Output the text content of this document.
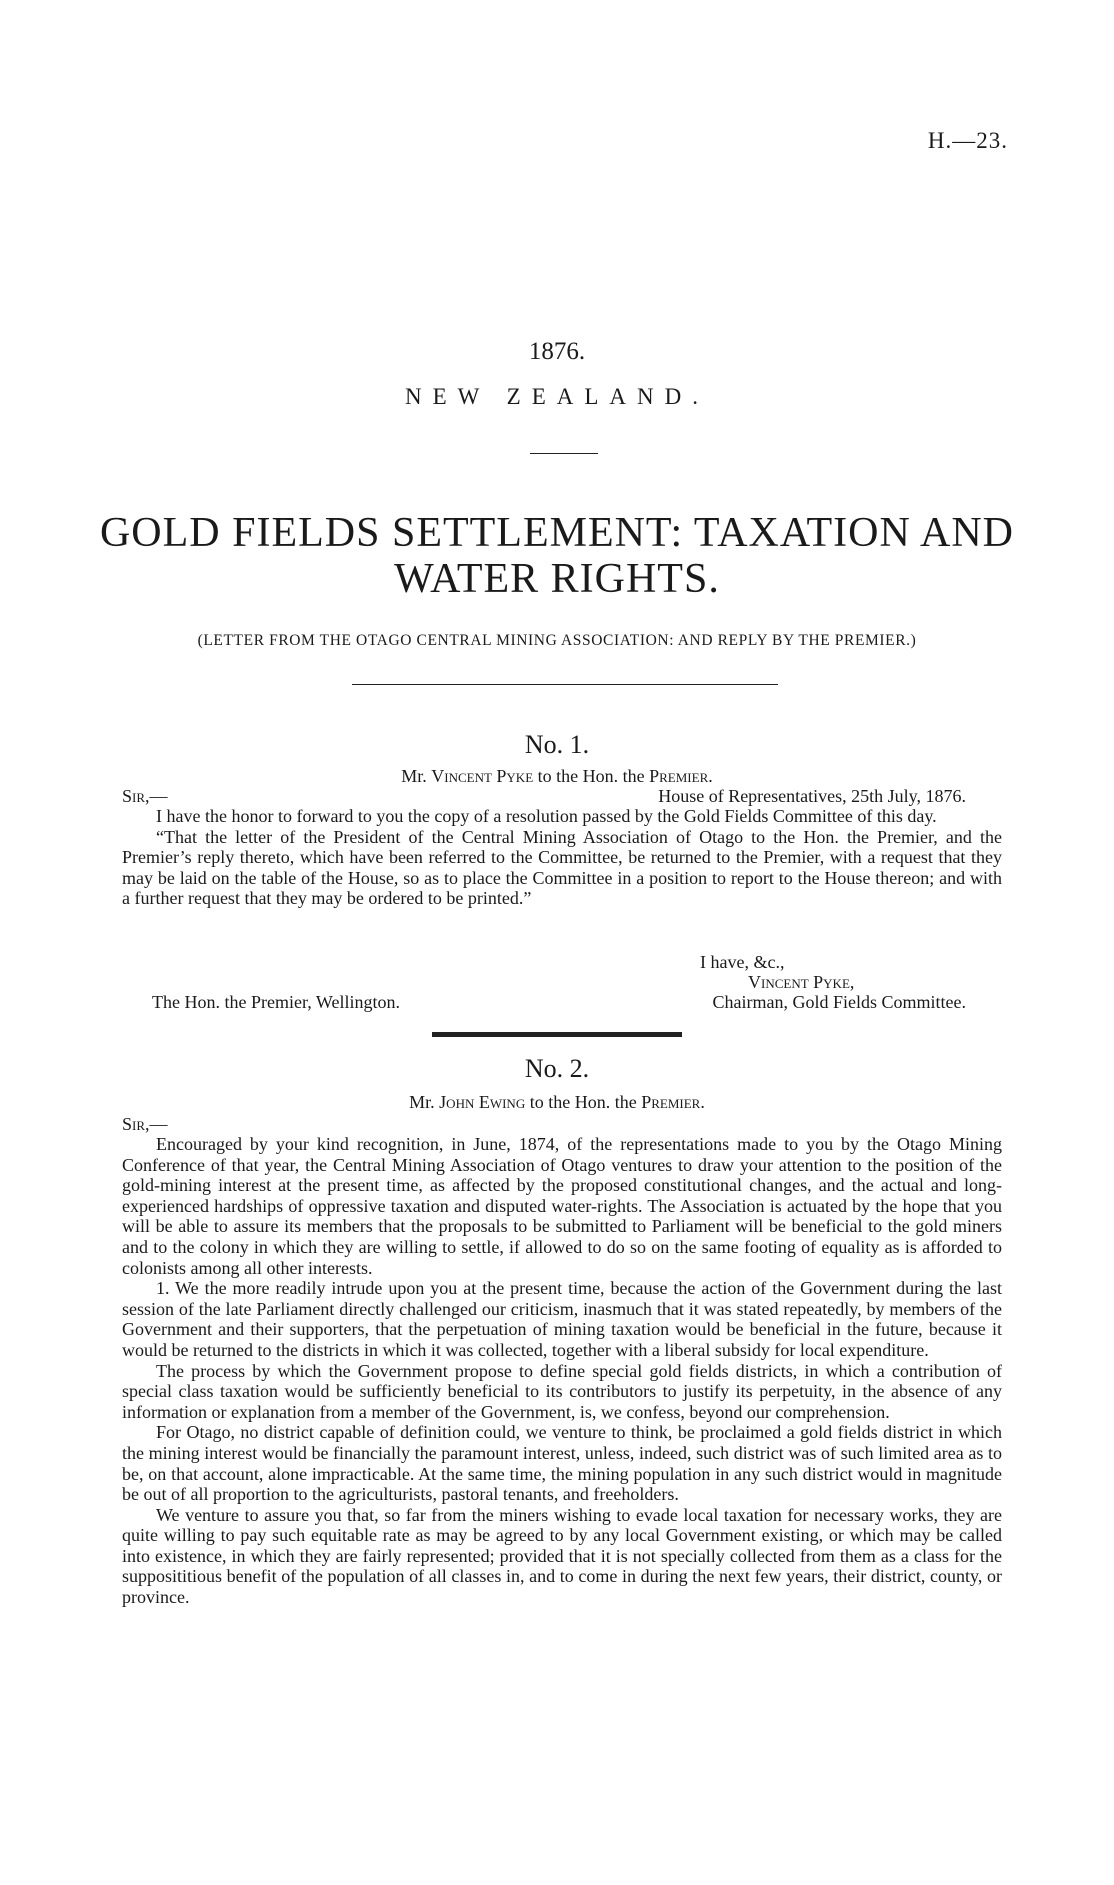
H.—23.
1876.
NEW ZEALAND.
GOLD FIELDS SETTLEMENT: TAXATION AND
WATER RIGHTS.
(LETTER FROM THE OTAGO CENTRAL MINING ASSOCIATION: AND REPLY BY THE PREMIER.)
No. 1.
Mr. Vincent Pyke to the Hon. the Premier.
Sir,—	House of Representatives, 25th July, 1876.

I have the honor to forward to you the copy of a resolution passed by the Gold Fields Committee of this day.

“That the letter of the President of the Central Mining Association of Otago to the Hon. the Premier, and the Premier’s reply thereto, which have been referred to the Committee, be returned to the Premier, with a request that they may be laid on the table of the House, so as to place the Committee in a position to report to the House thereon; and with a further request that they may be ordered to be printed.”

I have, &c.,
Vincent Pyke,
The Hon. the Premier, Wellington.	Chairman, Gold Fields Committee.
No. 2.
Mr. John Ewing to the Hon. the Premier.
Sir,—

Encouraged by your kind recognition, in June, 1874, of the representations made to you by the Otago Mining Conference of that year, the Central Mining Association of Otago ventures to draw your attention to the position of the gold-mining interest at the present time, as affected by the proposed constitutional changes, and the actual and long-experienced hardships of oppressive taxation and disputed water-rights. The Association is actuated by the hope that you will be able to assure its members that the proposals to be submitted to Parliament will be beneficial to the gold miners and to the colony in which they are willing to settle, if allowed to do so on the same footing of equality as is afforded to colonists among all other interests.

1. We the more readily intrude upon you at the present time, because the action of the Government during the last session of the late Parliament directly challenged our criticism, inasmuch that it was stated repeatedly, by members of the Government and their supporters, that the perpetuation of mining taxation would be beneficial in the future, because it would be returned to the districts in which it was collected, together with a liberal subsidy for local expenditure.

The process by which the Government propose to define special gold fields districts, in which a contribution of special class taxation would be sufficiently beneficial to its contributors to justify its perpetuity, in the absence of any information or explanation from a member of the Government, is, we confess, beyond our comprehension.

For Otago, no district capable of definition could, we venture to think, be proclaimed a gold fields district in which the mining interest would be financially the paramount interest, unless, indeed, such district was of such limited area as to be, on that account, alone impracticable. At the same time, the mining population in any such district would in magnitude be out of all proportion to the agriculturists, pastoral tenants, and freeholders.

We venture to assure you that, so far from the miners wishing to evade local taxation for necessary works, they are quite willing to pay such equitable rate as may be agreed to by any local Government existing, or which may be called into existence, in which they are fairly represented; provided that it is not specially collected from them as a class for the supposititious benefit of the population of all classes in, and to come in during the next few years, their district, county, or province.
